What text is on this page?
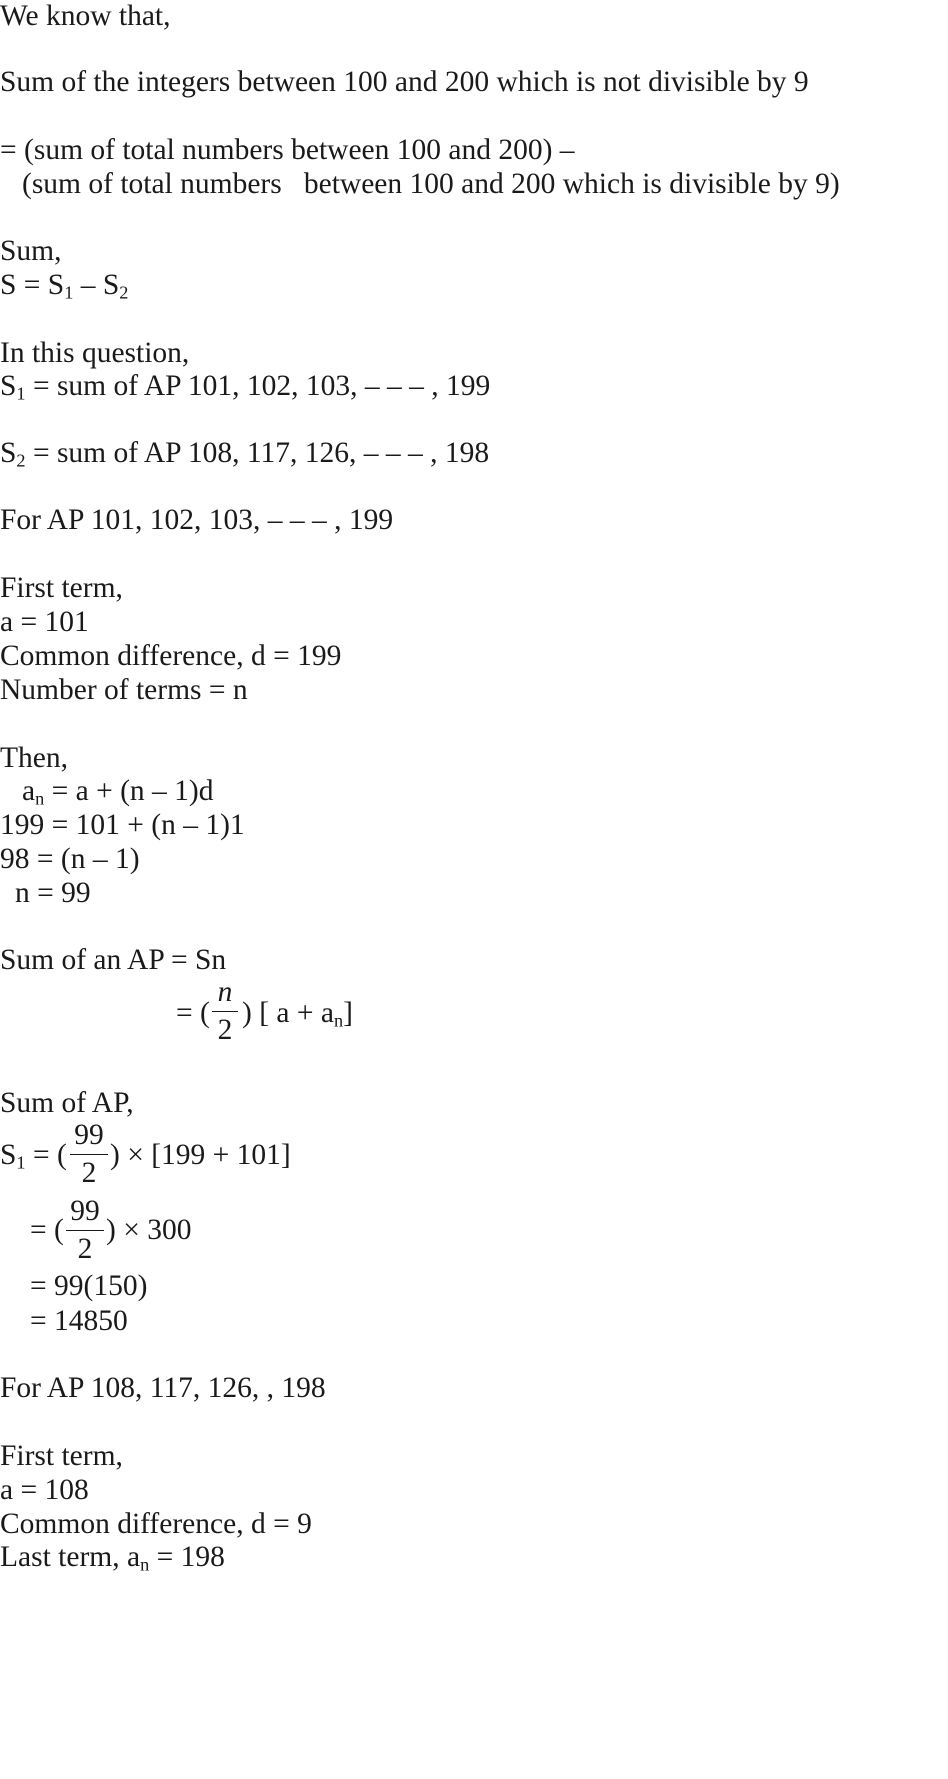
We know that,
Sum of the integers between 100 and 200 which is not divisible by 9
= (sum of total numbers between 100 and 200) –
(sum of total numbers   between 100 and 200 which is divisible by 9)
Sum,
$S = S_1 - S_2$
In this question,
$S_1$ = sum of AP 101, 102, 103, – – – , 199
$S_2$ = sum of AP 108, 117, 126, – – – , 198
For AP 101, 102, 103, – – – , 199
First term,
a = 101
Common difference, d = 199
Number of terms = n
Then,
$a_n = a + (n - 1)d$
199 = 101 + (n – 1)1
98 = (n – 1)
n = 99
Sum of an AP = Sn
= (
n
2
) [ $a + a_n$]
Sum of AP,
$S_1$ = (
99
2
) × [199 + 101]
= (
99
2
) × 300
= 99(150)
= 14850
For AP 108, 117, 126, , 198
First term,
a = 108
Common difference, d = 9
Last term, $a_n = 198$
